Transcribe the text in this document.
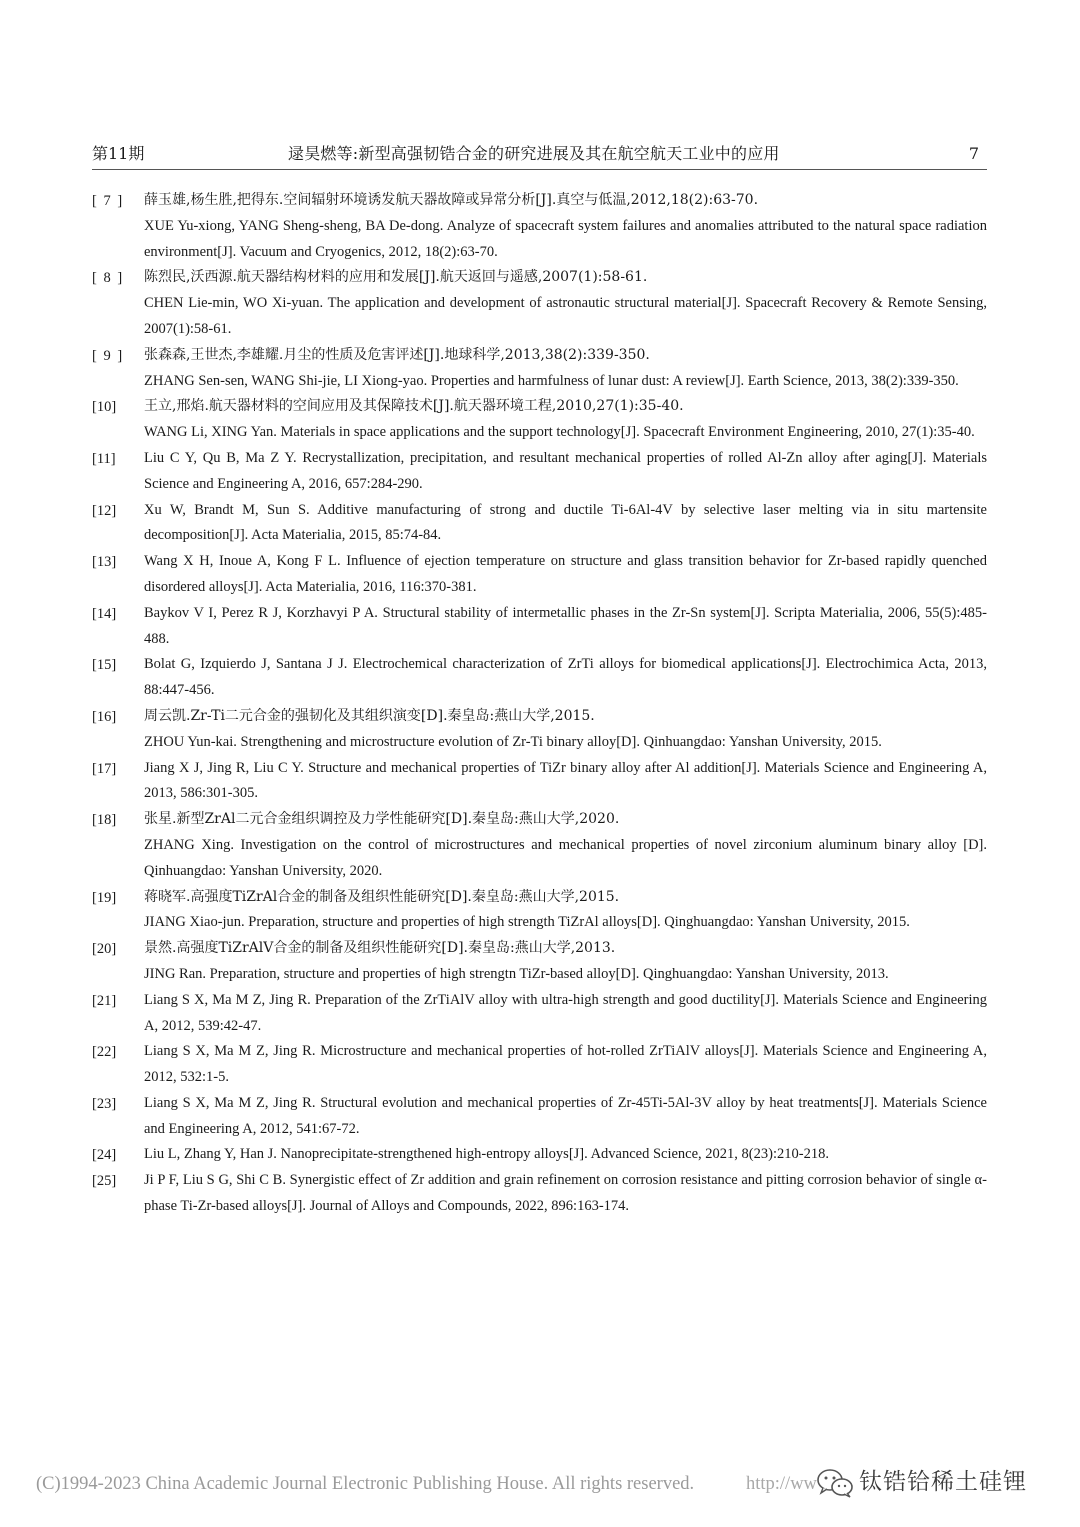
第11期	逯昊燃等:新型高强韧锆合金的研究进展及其在航空航天工业中的应用	7
[ 7 ]	薛玉雄,杨生胜,把得东.空间辐射环境诱发航天器故障或异常分析[J].真空与低温,2012,18(2):63-70.

XUE Yu-xiong, YANG Sheng-sheng, BA De-dong. Analyze of spacecraft system failures and anomalies attributed to the natural space radiation environment[J]. Vacuum and Cryogenics, 2012, 18(2):63-70.

[ 8 ]	陈烈民,沃西源.航天器结构材料的应用和发展[J].航天返回与遥感,2007(1):58-61.

CHEN Lie-min, WO Xi-yuan. The application and development of astronautic structural material[J]. Spacecraft Recovery & Remote Sensing, 2007(1):58-61.

[ 9 ]	张森森,王世杰,李雄耀.月尘的性质及危害评述[J].地球科学,2013,38(2):339-350.

ZHANG Sen-sen, WANG Shi-jie, LI Xiong-yao. Properties and harmfulness of lunar dust: A review[J]. Earth Science, 2013, 38(2):339-350.

[10]	王立,邢焰.航天器材料的空间应用及其保障技术[J].航天器环境工程,2010,27(1):35-40.

WANG Li, XING Yan. Materials in space applications and the support technology[J]. Spacecraft Environment Engineering, 2010, 27(1):35-40.

[11]	Liu C Y, Qu B, Ma Z Y. Recrystallization, precipitation, and resultant mechanical properties of rolled Al-Zn alloy after aging[J]. Materials Science and Engineering A, 2016, 657:284-290.

[12]	Xu W, Brandt M, Sun S. Additive manufacturing of strong and ductile Ti-6Al-4V by selective laser melting via in situ martensite decomposition[J]. Acta Materialia, 2015, 85:74-84.

[13]	Wang X H, Inoue A, Kong F L. Influence of ejection temperature on structure and glass transition behavior for Zr-based rapidly quenched disordered alloys[J]. Acta Materialia, 2016, 116:370-381.

[14]	Baykov V I, Perez R J, Korzhavyi P A. Structural stability of intermetallic phases in the Zr-Sn system[J]. Scripta Materialia, 2006, 55(5):485-488.

[15]	Bolat G, Izquierdo J, Santana J J. Electrochemical characterization of ZrTi alloys for biomedical applications[J]. Electrochimica Acta, 2013, 88:447-456.

[16]	周云凯.Zr-Ti二元合金的强韧化及其组织演变[D].秦皇岛:燕山大学,2015.

ZHOU Yun-kai. Strengthening and microstructure evolution of Zr-Ti binary alloy[D]. Qinhuangdao: Yanshan University, 2015.

[17]	Jiang X J, Jing R, Liu C Y. Structure and mechanical properties of TiZr binary alloy after Al addition[J]. Materials Science and Engineering A, 2013, 586:301-305.

[18]	张星.新型ZrAl二元合金组织调控及力学性能研究[D].秦皇岛:燕山大学,2020.

ZHANG Xing. Investigation on the control of microstructures and mechanical properties of novel zirconium aluminum binary alloy [D]. Qinhuangdao: Yanshan University, 2020.

[19]	蒋晓军.高强度TiZrAl合金的制备及组织性能研究[D].秦皇岛:燕山大学,2015.

JIANG Xiao-jun. Preparation, structure and properties of high strength TiZrAl alloys[D]. Qinghuangdao: Yanshan University, 2015.

[20]	景然.高强度TiZrAlV合金的制备及组织性能研究[D].秦皇岛:燕山大学,2013.

JING Ran. Preparation, structure and properties of high strengtn TiZr-based alloy[D]. Qinghuangdao: Yanshan University, 2013.

[21]	Liang S X, Ma M Z, Jing R. Preparation of the ZrTiAlV alloy with ultra-high strength and good ductility[J]. Materials Science and Engineering A, 2012, 539:42-47.

[22]	Liang S X, Ma M Z, Jing R. Microstructure and mechanical properties of hot-rolled ZrTiAlV alloys[J]. Materials Science and Engineering A, 2012, 532:1-5.

[23]	Liang S X, Ma M Z, Jing R. Structural evolution and mechanical properties of Zr-45Ti-5Al-3V alloy by heat treatments[J]. Materials Science and Engineering A, 2012, 541:67-72.

[24]	Liu L, Zhang Y, Han J. Nanoprecipitate-strengthened high-entropy alloys[J]. Advanced Science, 2021, 8(23):210-218.

[25]	Ji P F, Liu S G, Shi C B. Synergistic effect of Zr addition and grain refinement on corrosion resistance and pitting corrosion behavior of single α-phase Ti-Zr-based alloys[J]. Journal of Alloys and Compounds, 2022, 896:163-174.

(C)1994-2023 China Academic Journal Electronic Publishing House. All rights reserved.	http://ww 钛锆铪稀土硅锂
